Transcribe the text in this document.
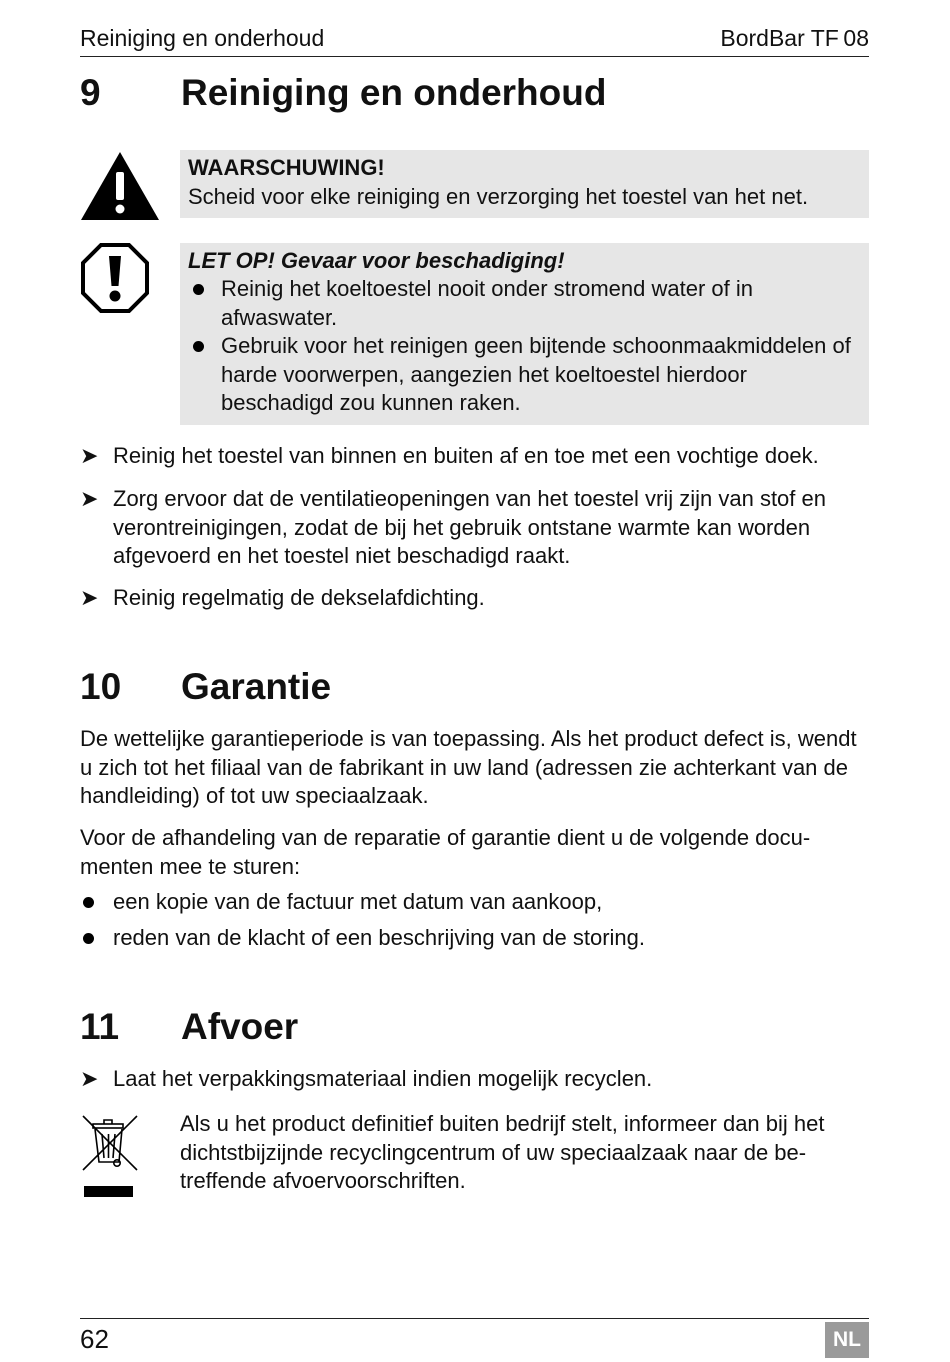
Reiniging en onderhoud	BordBar TF 08
9 Reiniging en onderhoud
WAARSCHUWING!
Scheid voor elke reiniging en verzorging het toestel van het net.
LET OP! Gevaar voor beschadiging!
Reinig het koeltoestel nooit onder stromend water of in afwaswater.
Gebruik voor het reinigen geen bijtende schoonmaakmiddelen of harde voorwerpen, aangezien het koeltoestel hierdoor beschadigd zou kunnen raken.
➤ Reinig het toestel van binnen en buiten af en toe met een vochtige doek.
➤ Zorg ervoor dat de ventilatieopeningen van het toestel vrij zijn van stof en verontreinigingen, zodat de bij het gebruik ontstane warmte kan worden afgevoerd en het toestel niet beschadigd raakt.
➤ Reinig regelmatig de dekselafdichting.
10 Garantie
De wettelijke garantieperiode is van toepassing. Als het product defect is, wendt u zich tot het filiaal van de fabrikant in uw land (adressen zie achterkant van de handleiding) of tot uw speciaalzaak.
Voor de afhandeling van de reparatie of garantie dient u de volgende documenten mee te sturen:
een kopie van de factuur met datum van aankoop,
reden van de klacht of een beschrijving van de storing.
11 Afvoer
➤ Laat het verpakkingsmateriaal indien mogelijk recyclen.
Als u het product definitief buiten bedrijf stelt, informeer dan bij het dichtstbijzijnde recyclingcentrum of uw speciaalzaak naar de betreffende afvoervoorschriften.
62	NL
